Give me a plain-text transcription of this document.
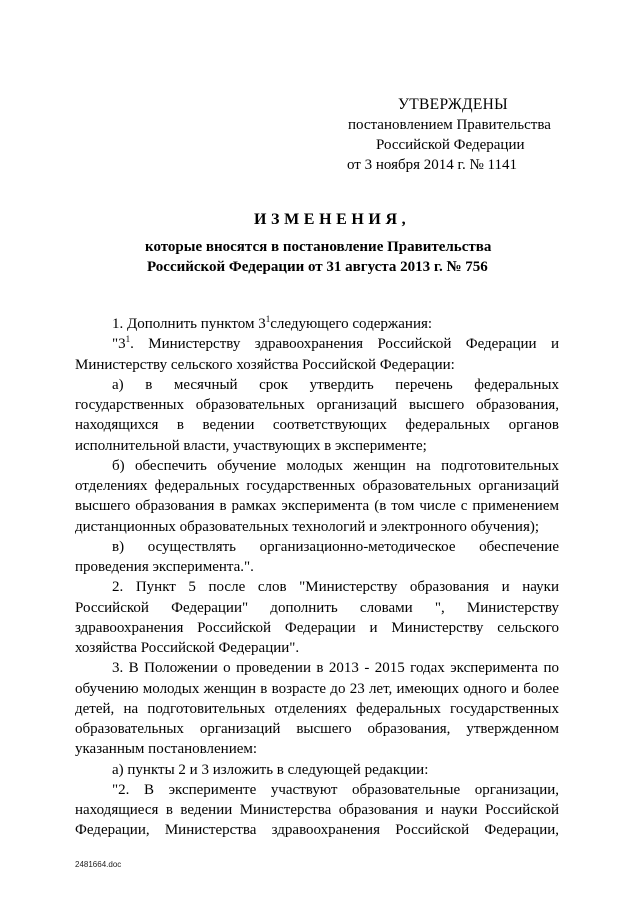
УТВЕРЖДЕНЫ
постановлением Правительства
Российской Федерации
от 3 ноября 2014 г. № 1141
ИЗМЕНЕНИЯ,
которые вносятся в постановление Правительства
Российской Федерации от 31 августа 2013 г. № 756

1. Дополнить пунктом $3^1следующего$ содержания:

"$3^1$. Министерству здравоохранения Российской Федерации и Министерству сельского хозяйства Российской Федерации:

а) в месячный срок утвердить перечень федеральных государственных образовательных организаций высшего образования, находящихся в ведении соответствующих федеральных органов исполнительной власти, участвующих в эксперименте;

б) обеспечить обучение молодых женщин на подготовительных отделениях федеральных государственных образовательных организаций высшего образования в рамках эксперимента (в том числе с применением дистанционных образовательных технологий и электронного обучения);

в) осуществлять организационно-методическое обеспечение проведения эксперимента.".

2. Пункт 5 после слов "Министерству образования и науки Российской Федерации" дополнить словами ", Министерству здравоохранения Российской Федерации и Министерству сельского хозяйства Российской Федерации".

3. В Положении о проведении в 2013 - 2015 годах эксперимента по обучению молодых женщин в возрасте до 23 лет, имеющих одного и более детей, на подготовительных отделениях федеральных государственных образовательных организаций высшего образования, утвержденном указанным постановлением:

а) пункты 2 и 3 изложить в следующей редакции:

"2. В эксперименте участвуют образовательные организации, находящиеся в ведении Министерства образования и науки Российской Федерации, Министерства здравоохранения Российской Федерации,

2481664.doc
